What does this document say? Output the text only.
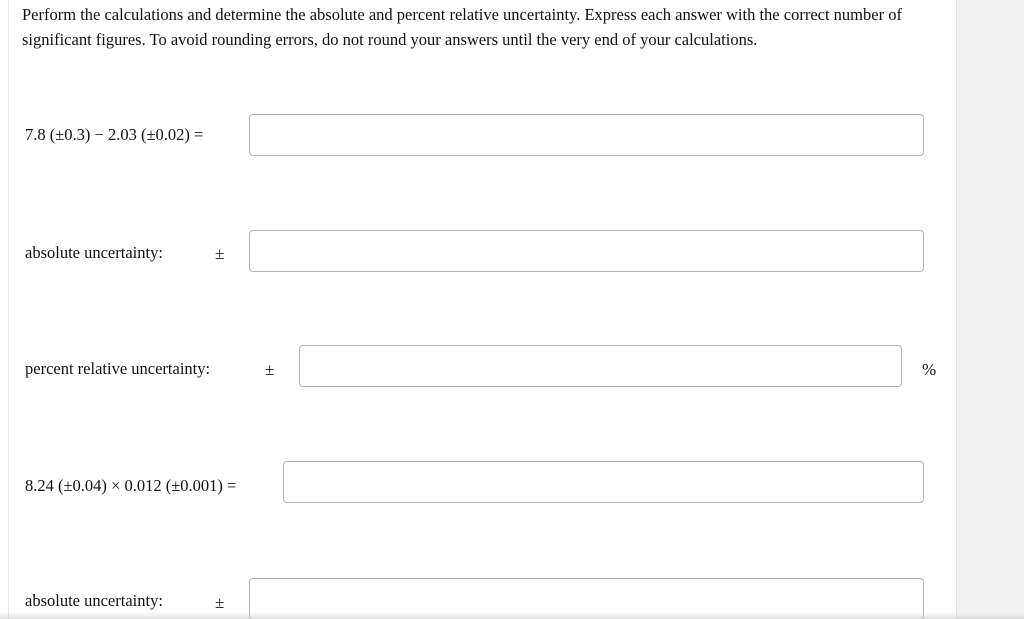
Perform the calculations and determine the absolute and percent relative uncertainty. Express each answer with the correct number of significant figures. To avoid rounding errors, do not round your answers until the very end of your calculations.

7.8 (±0.3) − 2.03 (±0.02) =
absolute uncertainty:	±
percent relative uncertainty:	±	%
8.24 (±0.04) × 0.012 (±0.001) =
absolute uncertainty:	±
